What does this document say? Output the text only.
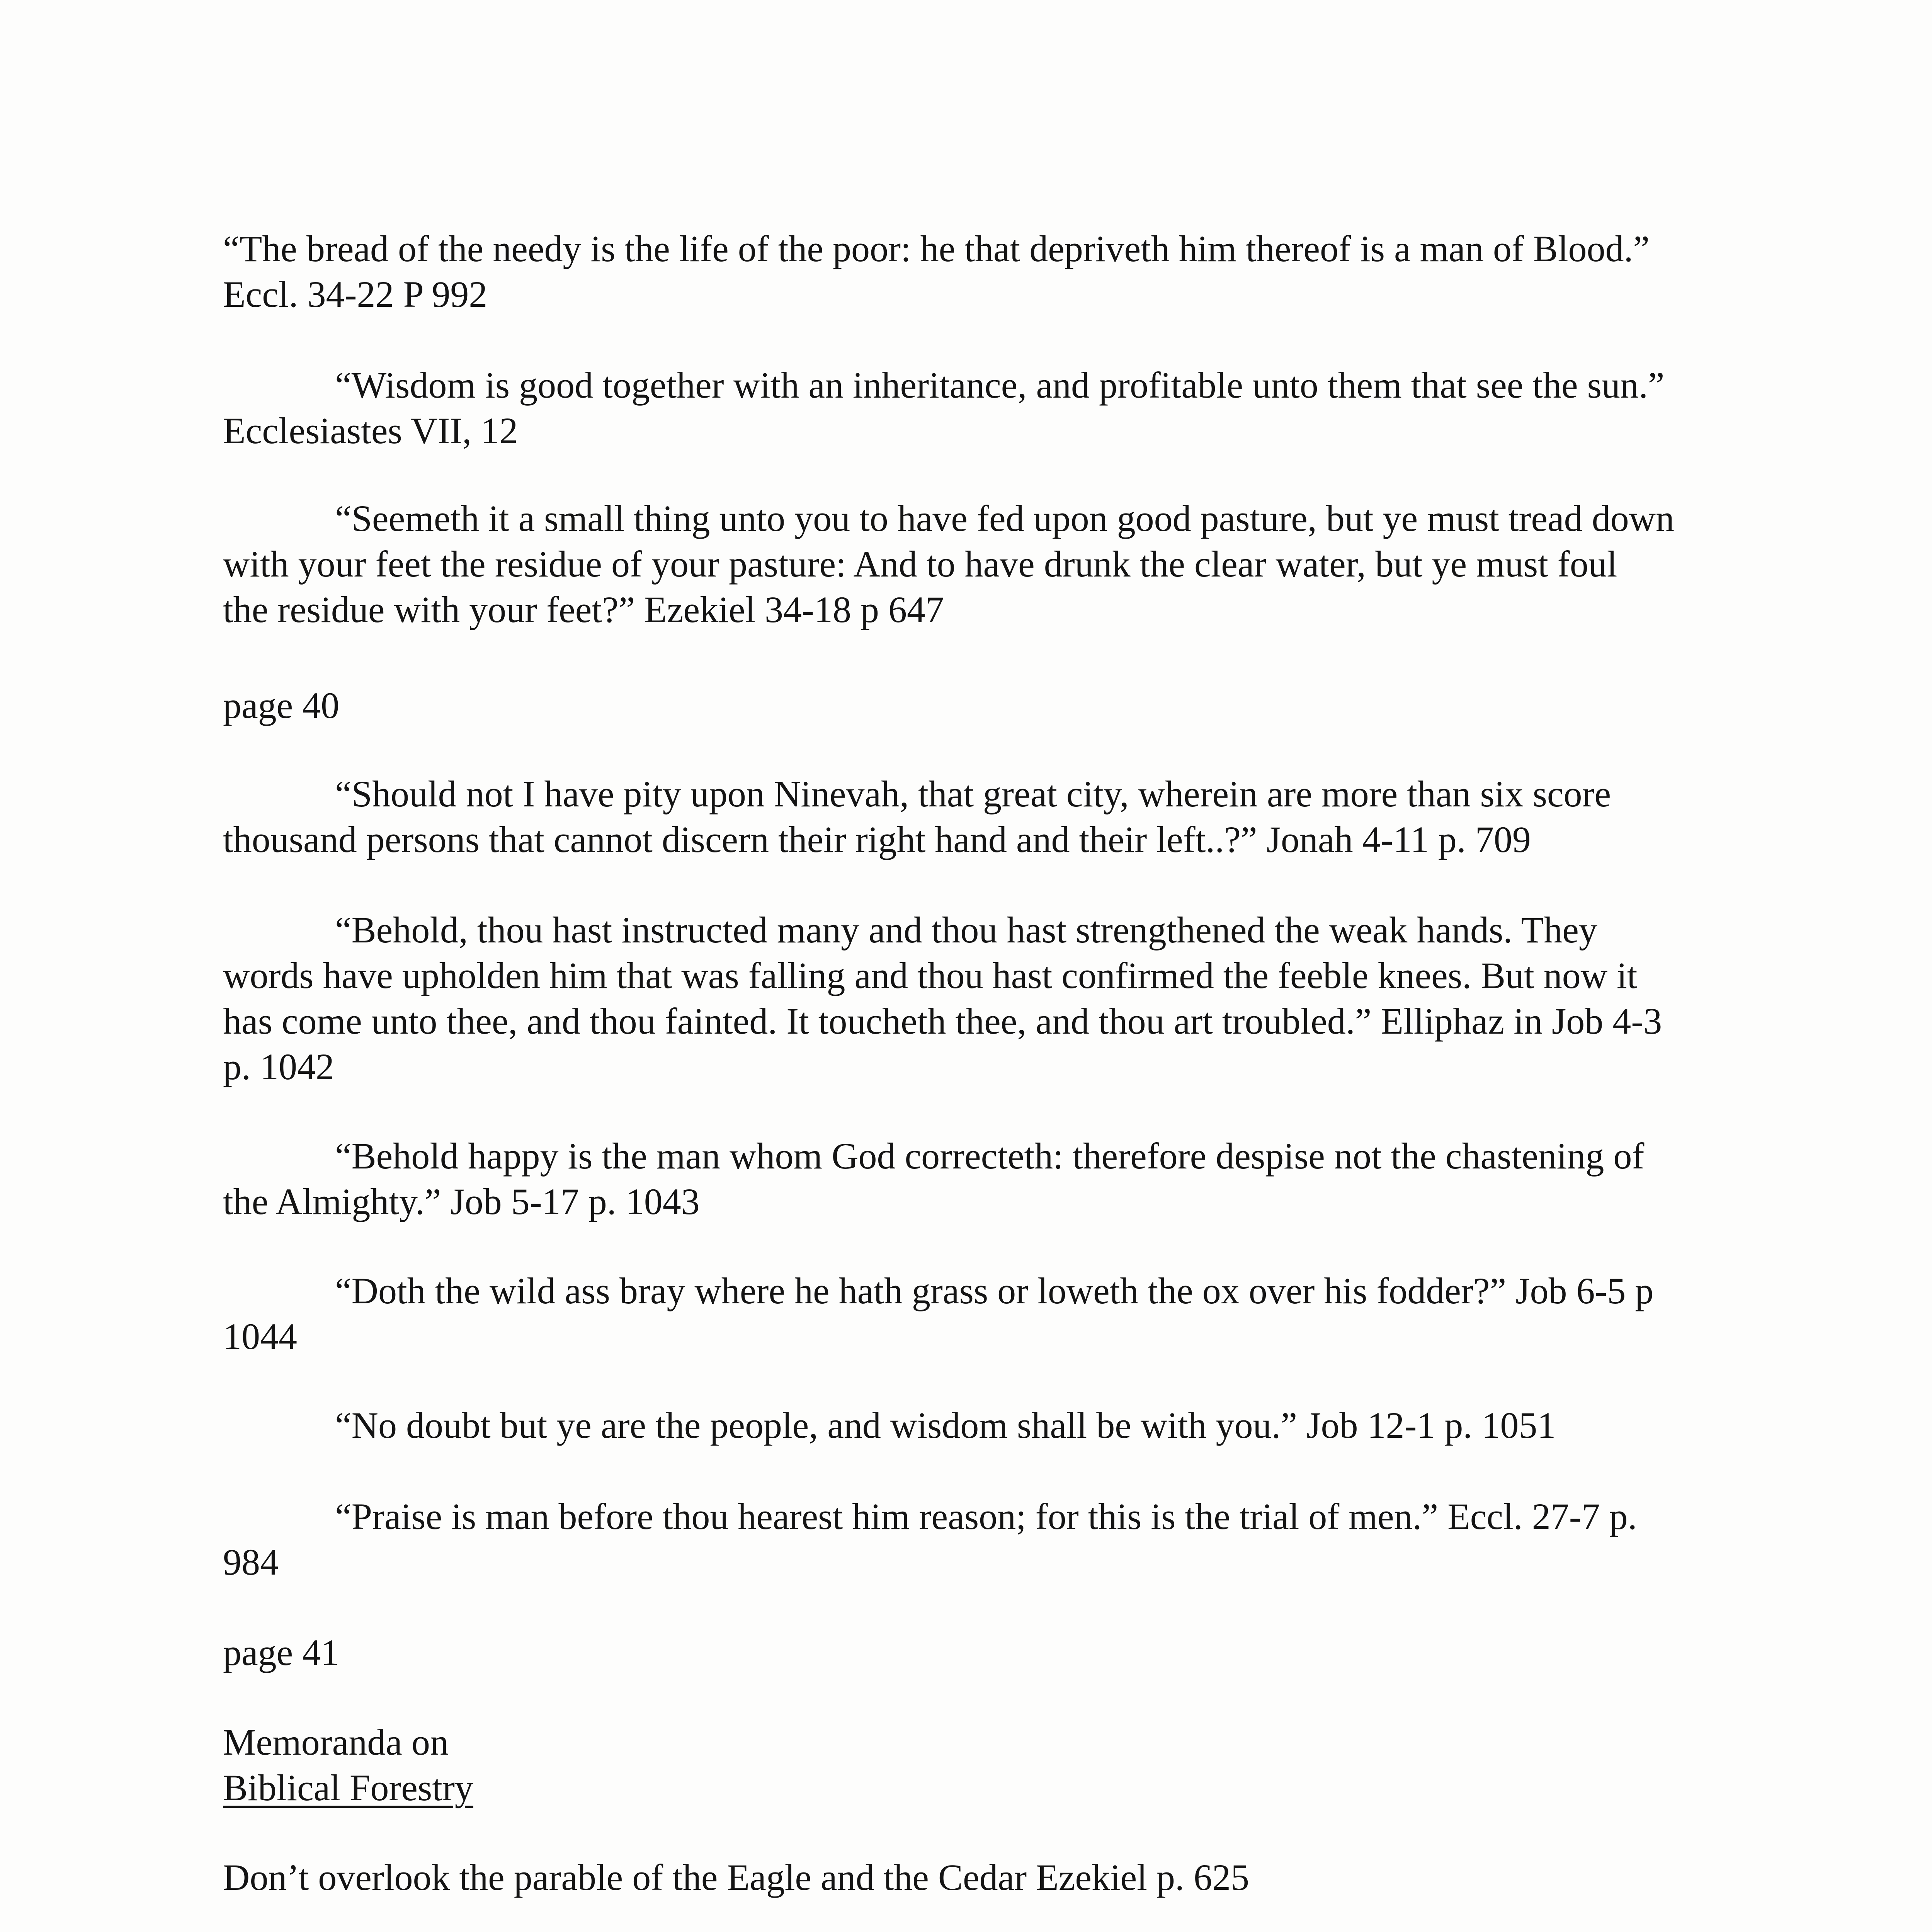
“The bread of the needy is the life of the poor: he that depriveth him thereof is a man of Blood.”
Eccl. 34-22 P 992

“Wisdom is good together with an inheritance, and profitable unto them that see the sun.”
Ecclesiastes VII, 12

“Seemeth it a small thing unto you to have fed upon good pasture, but ye must tread down
with your feet the residue of your pasture: And to have drunk the clear water, but ye must foul
the residue with your feet?” Ezekiel 34-18 p 647

page 40

“Should not I have pity upon Ninevah, that great city, wherein are more than six score
thousand persons that cannot discern their right hand and their left..?” Jonah 4-11 p. 709

“Behold, thou hast instructed many and thou hast strengthened the weak hands. They
words have upholden him that was falling and thou hast confirmed the feeble knees. But now it
has come unto thee, and thou fainted. It toucheth thee, and thou art troubled.” Elliphaz in Job 4-3
p. 1042

“Behold happy is the man whom God correcteth: therefore despise not the chastening of
the Almighty.” Job 5-17 p. 1043

“Doth the wild ass bray where he hath grass or loweth the ox over his fodder?” Job 6-5 p
1044

“No doubt but ye are the people, and wisdom shall be with you.” Job 12-1 p. 1051

“Praise is man before thou hearest him reason; for this is the trial of men.” Eccl. 27-7 p.
984

page 41

Memoranda on
Biblical Forestry

Don’t overlook the parable of the Eagle and the Cedar Ezekiel p. 625
